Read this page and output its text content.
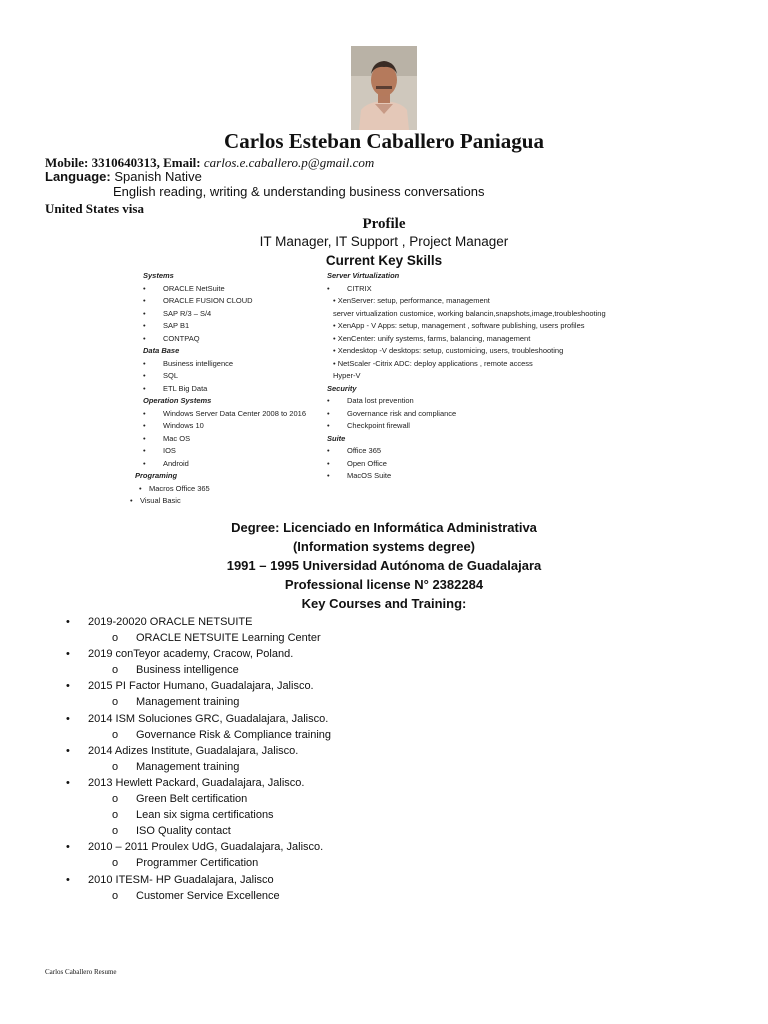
Carlos Esteban Caballero Paniagua
Mobile: 3310640313, Email: carlos.e.caballero.p@gmail.com
Language: Spanish Native
English reading, writing & understanding business conversations
United States visa
Profile
IT Manager, IT Support , Project Manager
Current Key Skills
Systems
•	ORACLE NetSuite
•	ORACLE FUSION CLOUD
•	SAP R/3 – S/4
•	SAP B1
•	CONTPAQ
Data Base
•	Business intelligence
•	SQL
•	ETL Big Data
Operation Systems
•	Windows Server Data Center 2008 to 2016
•	Windows 10
•	Mac OS
•	IOS
•	Android
Programing
• Macros Office 365
• Visual Basic
Server Virtualization
•	CITRIX
• XenServer: setup, performance, management
server virtualization customice, working balancin,snapshots,image,troubleshooting
• XenApp - V Apps: setup, management , software publishing, users profiles
• XenCenter: unify systems, farms, balancing, management
• Xendesktop -V desktops: setup, customicing, users, troubleshooting
• NetScaler -Citrix ADC: deploy applications , remote access
Hyper-V
Security
•	Data lost prevention
•	Governance risk and compliance
•	Checkpoint firewall
Suite
•	Office 365
•	Open Office
•	MacOS Suite
Degree: Licenciado en Informática Administrativa
(Information systems degree)
1991 – 1995 Universidad Autónoma de Guadalajara
Professional license N° 2382284
Key Courses and Training:
•	2019-20020 ORACLE NETSUITE
o	ORACLE NETSUITE Learning Center
•	2019 conTeyor academy, Cracow, Poland.
o	Business intelligence
•	2015 PI Factor Humano, Guadalajara, Jalisco.
o	Management training
•	2014 ISM Soluciones GRC, Guadalajara, Jalisco.
o	Governance Risk & Compliance training
•	2014 Adizes Institute, Guadalajara, Jalisco.
o	Management training
•	2013 Hewlett Packard, Guadalajara, Jalisco.
o	Green Belt certification
o	Lean six sigma certifications
o	ISO Quality contact
•	2010 – 2011 Proulex UdG, Guadalajara, Jalisco.
o	Programmer Certification
•	2010 ITESM- HP Guadalajara, Jalisco
o	Customer Service Excellence
Carlos Caballero Resume
